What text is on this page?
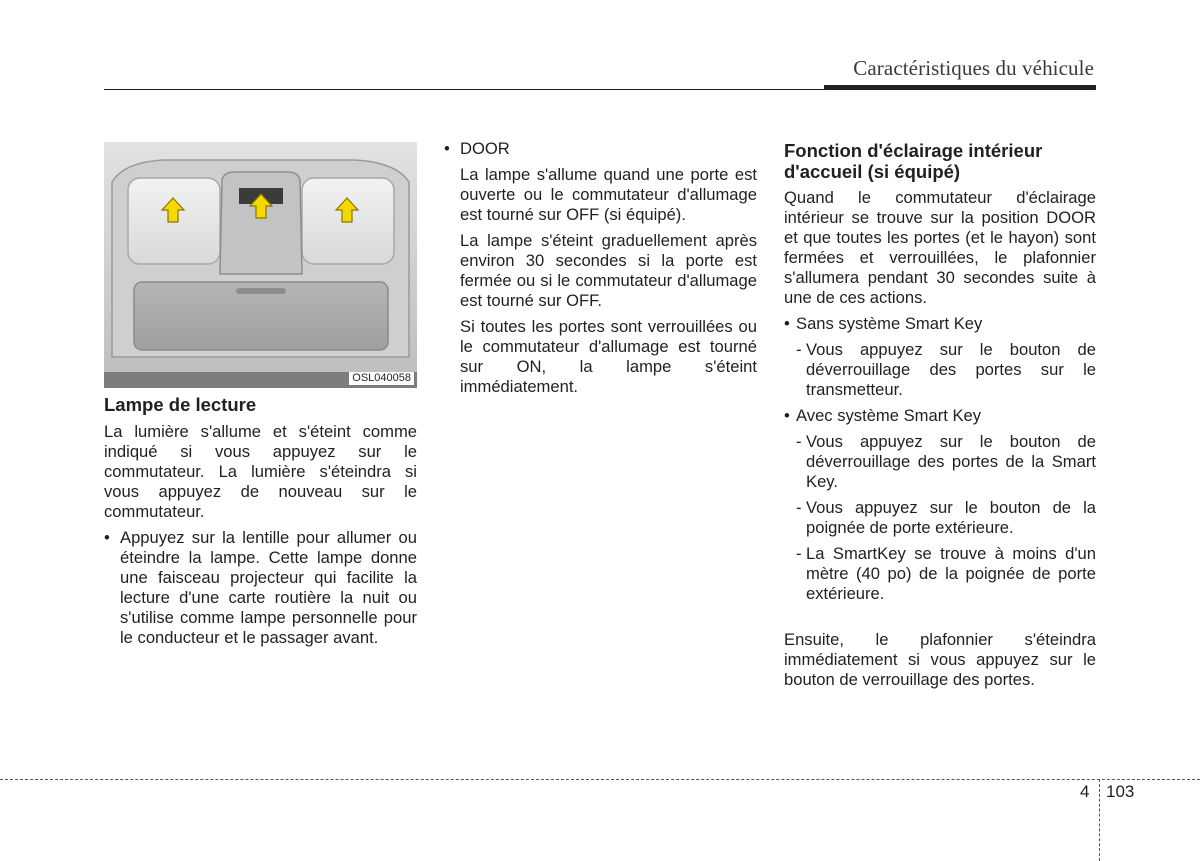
Caractéristiques du véhicule
OSL040058

Lampe de lecture

La lumière s'allume et s'éteint comme indiqué si vous appuyez sur le commutateur. La lumière s'éteindra si vous appuyez de nouveau sur le commutateur.

• Appuyez sur la lentille pour allumer ou éteindre la lampe. Cette lampe donne une faisceau projecteur qui facilite la lecture d'une carte routière la nuit ou s'utilise comme lampe personnelle pour le conducteur et le passager avant.
• DOOR

La lampe s'allume quand une porte est ouverte ou le commutateur d'allumage est tourné sur OFF (si équipé).

La lampe s'éteint graduellement après environ 30 secondes si la porte est fermée ou si le commutateur d'allumage est tourné sur OFF.

Si toutes les portes sont verrouillées ou le commutateur d'allumage est tourné sur ON, la lampe s'éteint immédiatement.

Fonction d'éclairage intérieur d'accueil (si équipé)

Quand le commutateur d'éclairage intérieur se trouve sur la position DOOR et que toutes les portes (et le hayon) sont fermées et verrouillées, le plafonnier s'allumera pendant 30 secondes suite à une de ces actions.

• Sans système Smart Key
- Vous appuyez sur le bouton de déverrouillage des portes sur le transmetteur.
• Avec système Smart Key
- Vous appuyez sur le bouton de déverrouillage des portes de la Smart Key.
- Vous appuyez sur le bouton de la poignée de porte extérieure.
- La SmartKey se trouve à moins d'un mètre (40 po) de la poignée de porte extérieure.

Ensuite, le plafonnier s'éteindra immédiatement si vous appuyez sur le bouton de verrouillage des portes.

4 103
